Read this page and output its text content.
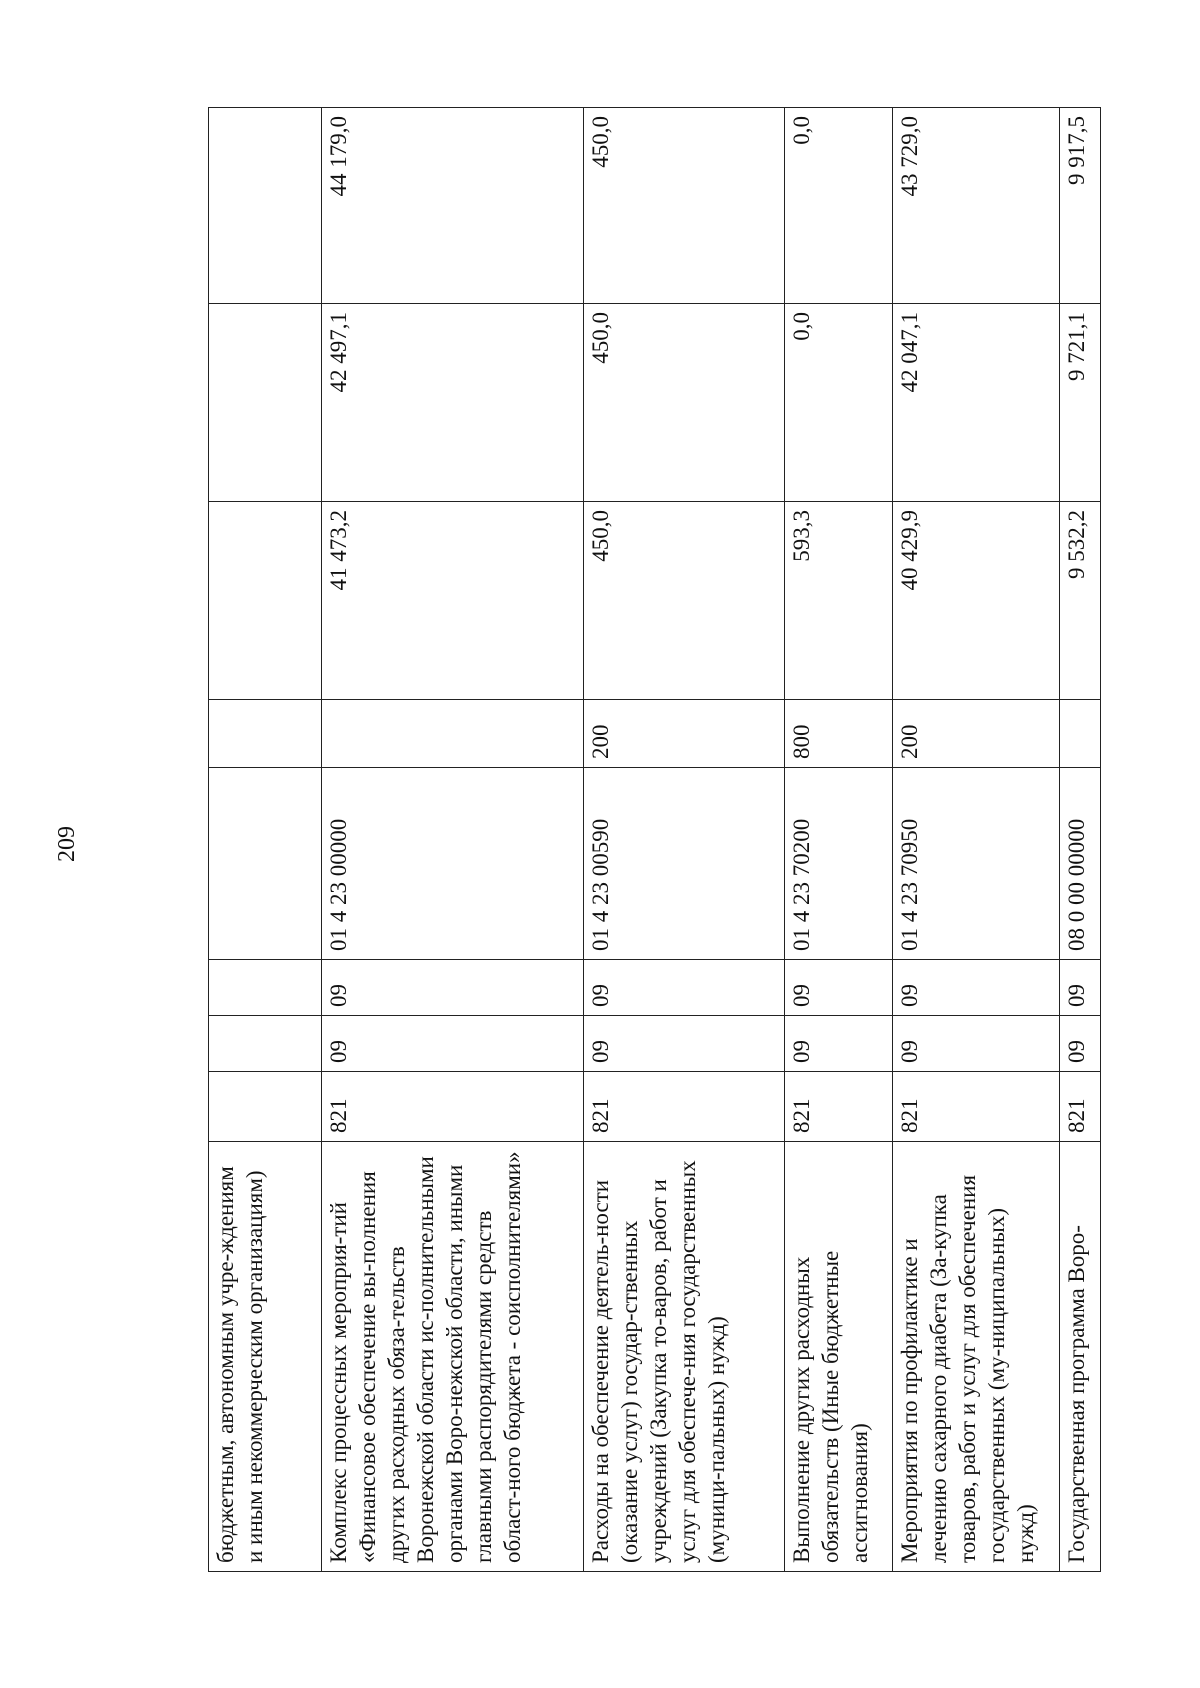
209
бюджетным, автономным учре-ждениям и иным некоммерческим организациям)								
Комплекс процессных мероприя-тий «Финансовое обеспечение вы-полнения других расходных обяза-тельств Воронежской области ис-полнительными органами Воро-нежской области, иными главными распорядителями средств област-ного бюджета - соисполнителями»	821	09	09	01 4 23 00000		41 473,2	42 497,1	44 179,0
Расходы на обеспечение деятель-ности (оказание услуг) государ-ственных учреждений (Закупка то-варов, работ и услуг для обеспече-ния государственных (муници-пальных) нужд)	821	09	09	01 4 23 00590	200	450,0	450,0	450,0
Выполнение других расходных обязательств (Иные бюджетные ассигнования)	821	09	09	01 4 23 70200	800	593,3	0,0	0,0
Мероприятия по профилактике и лечению сахарного диабета (За-купка товаров, работ и услуг для обеспечения государственных (му-ниципальных) нужд)	821	09	09	01 4 23 70950	200	40 429,9	42 047,1	43 729,0

Государственная программа Воро-	821	09	09	08 0 00 00000		9 532,2	9 721,1	9 917,5
